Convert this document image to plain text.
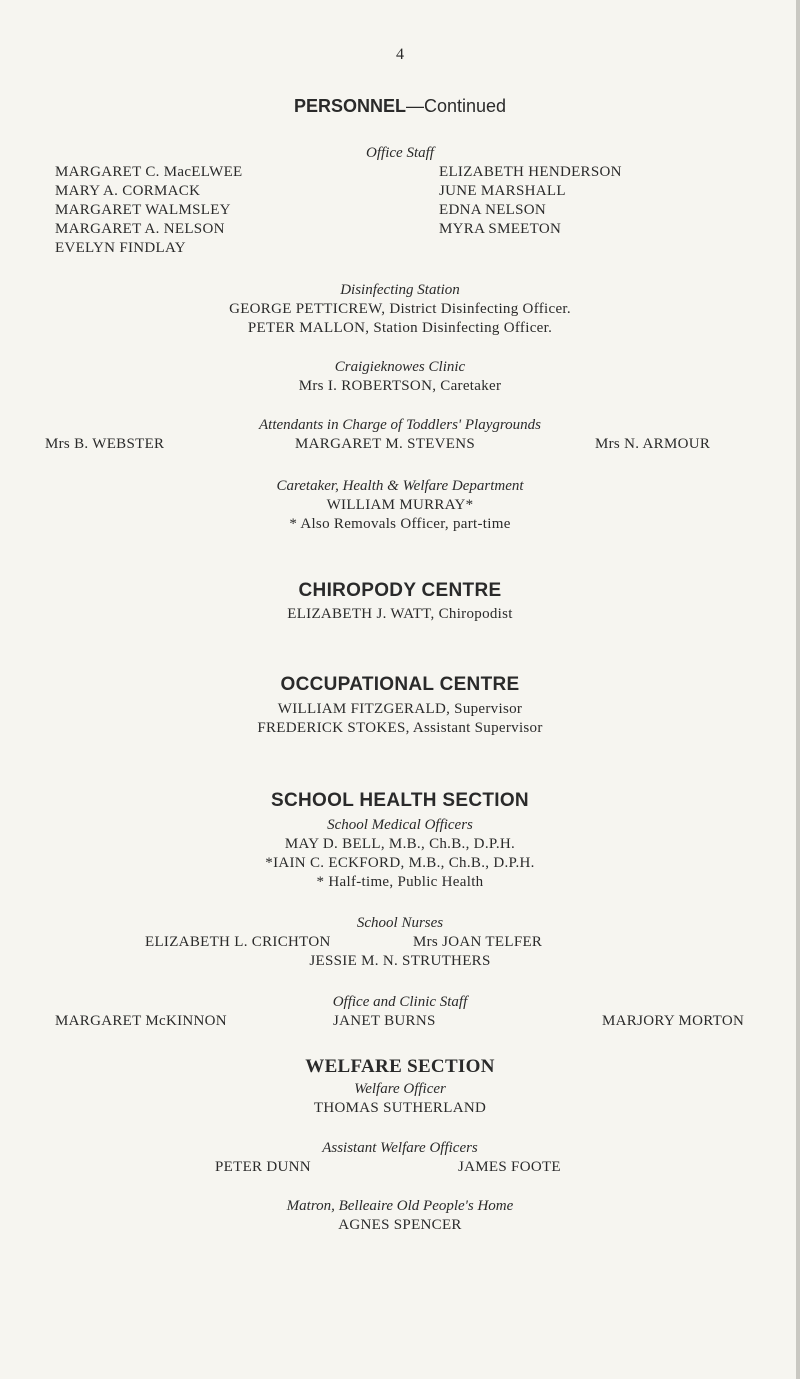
4
PERSONNEL—Continued
Office Staff
MARGARET C. MacELWEE
MARY A. CORMACK
MARGARET WALMSLEY
MARGARET A. NELSON
EVELYN FINDLAY
ELIZABETH HENDERSON
JUNE MARSHALL
EDNA NELSON
MYRA SMEETON
Disinfecting Station
GEORGE PETTICREW, District Disinfecting Officer.
PETER MALLON, Station Disinfecting Officer.
Craigieknowes Clinic
Mrs I. ROBERTSON, Caretaker
Attendants in Charge of Toddlers' Playgrounds
Mrs B. WEBSTER	MARGARET M. STEVENS	Mrs N. ARMOUR
Caretaker, Health & Welfare Department
WILLIAM MURRAY*
* Also Removals Officer, part-time
CHIROPODY CENTRE
ELIZABETH J. WATT, Chiropodist
OCCUPATIONAL CENTRE
WILLIAM FITZGERALD, Supervisor
FREDERICK STOKES, Assistant Supervisor
SCHOOL HEALTH SECTION
School Medical Officers
MAY D. BELL, M.B., Ch.B., D.P.H.
*IAIN C. ECKFORD, M.B., Ch.B., D.P.H.
* Half-time, Public Health
School Nurses
ELIZABETH L. CRICHTON	Mrs JOAN TELFER
JESSIE M. N. STRUTHERS
Office and Clinic Staff
MARGARET McKINNON	JANET BURNS	MARJORY MORTON
WELFARE SECTION
Welfare Officer
THOMAS SUTHERLAND
Assistant Welfare Officers
PETER DUNN	JAMES FOOTE
Matron, Belleaire Old People's Home
AGNES SPENCER
